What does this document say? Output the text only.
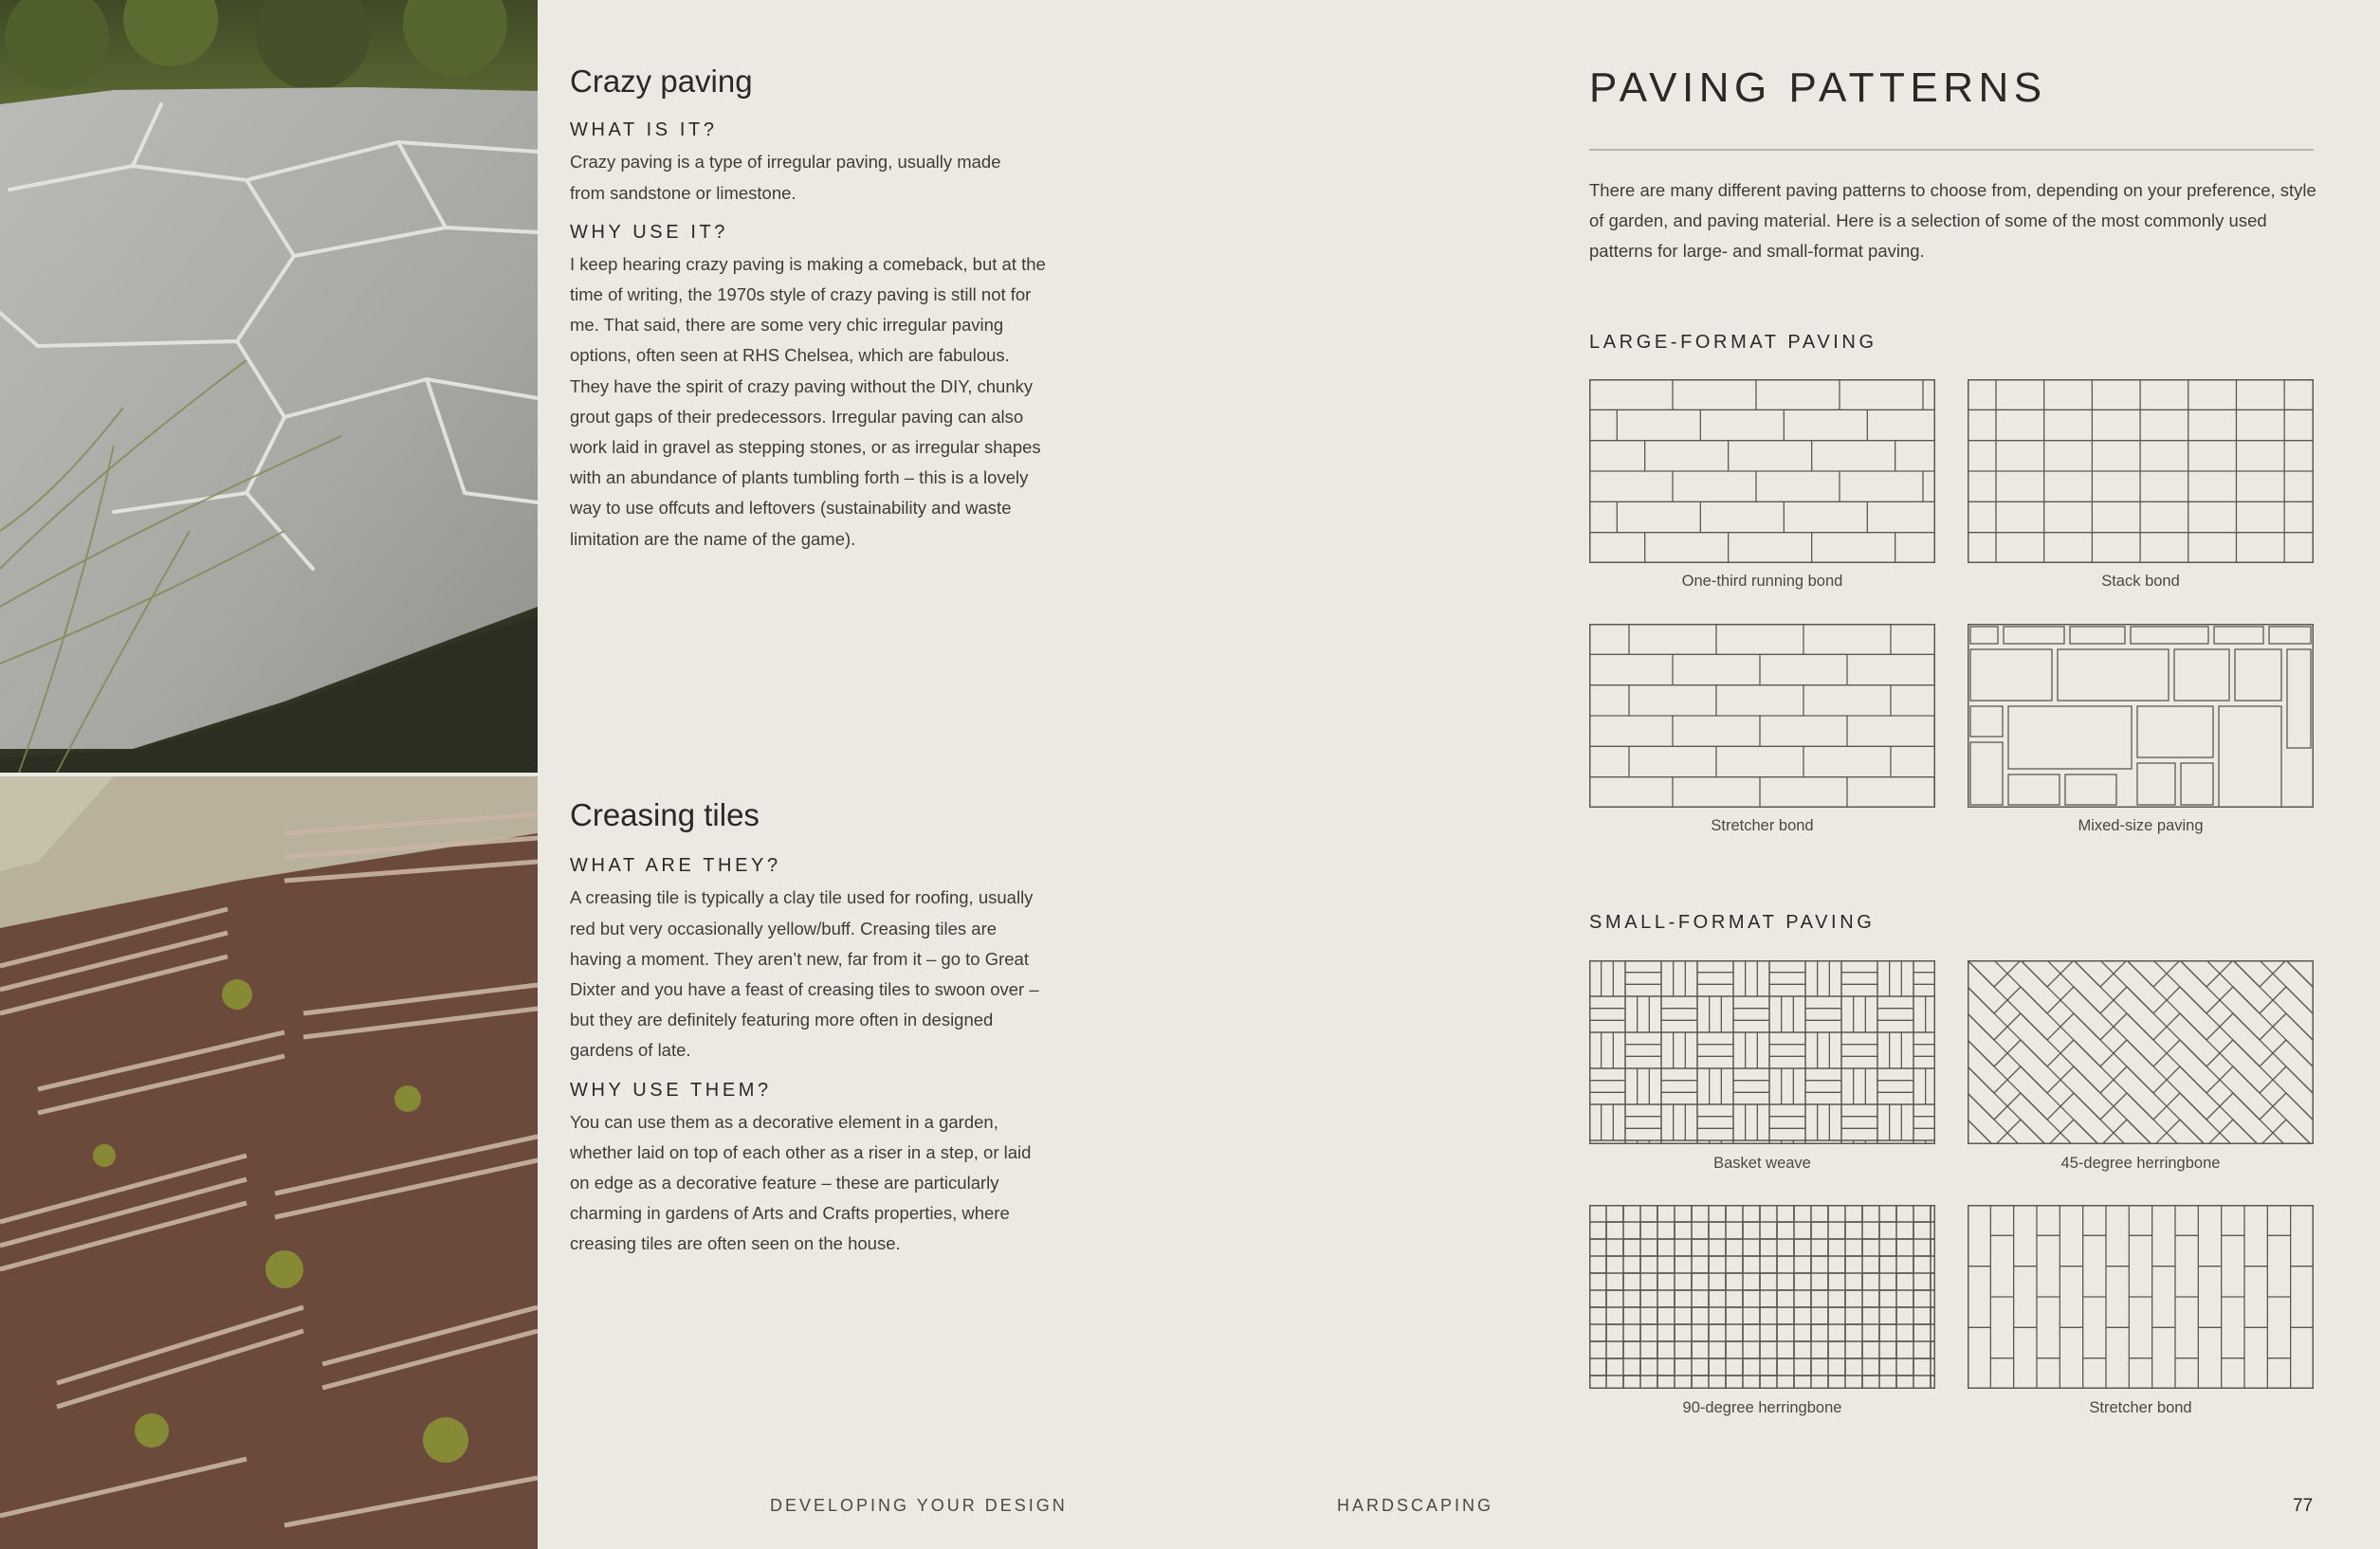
Crazy paving
WHAT IS IT?

Crazy paving is a type of irregular paving, usually made from sandstone or limestone.

WHY USE IT?

I keep hearing crazy paving is making a comeback, but at the time of writing, the 1970s style of crazy paving is still not for me. That said, there are some very chic irregular paving options, often seen at RHS Chelsea, which are fabulous. They have the spirit of crazy paving without the DIY, chunky grout gaps of their predecessors. Irregular paving can also work laid in gravel as stepping stones, or as irregular shapes with an abundance of plants tumbling forth – this is a lovely way to use offcuts and leftovers (sustainability and waste limitation are the name of the game).

Creasing tiles
WHAT ARE THEY?

A creasing tile is typically a clay tile used for roofing, usually red but very occasionally yellow/buff. Creasing tiles are having a moment. They aren’t new, far from it – go to Great Dixter and you have a feast of creasing tiles to swoon over – but they are definitely featuring more often in designed gardens of late.

WHY USE THEM?

You can use them as a decorative element in a garden, whether laid on top of each other as a riser in a step, or laid on edge as a decorative feature – these are particularly charming in gardens of Arts and Crafts properties, where creasing tiles are often seen on the house.

PAVING PATTERNS

There are many different paving patterns to choose from, depending on your preference, style of garden, and paving material. Here is a selection of some of the most commonly used patterns for large- and small-format paving.

LARGE-FORMAT PAVING
SMALL-FORMAT PAVING
One-third running bond	Stack bond
Stretcher bond	Mixed-size paving
Basket weave	45-degree herringbone
90-degree herringbone	Stretcher bond
DEVELOPING YOUR DESIGN	HARDSCAPING	77
